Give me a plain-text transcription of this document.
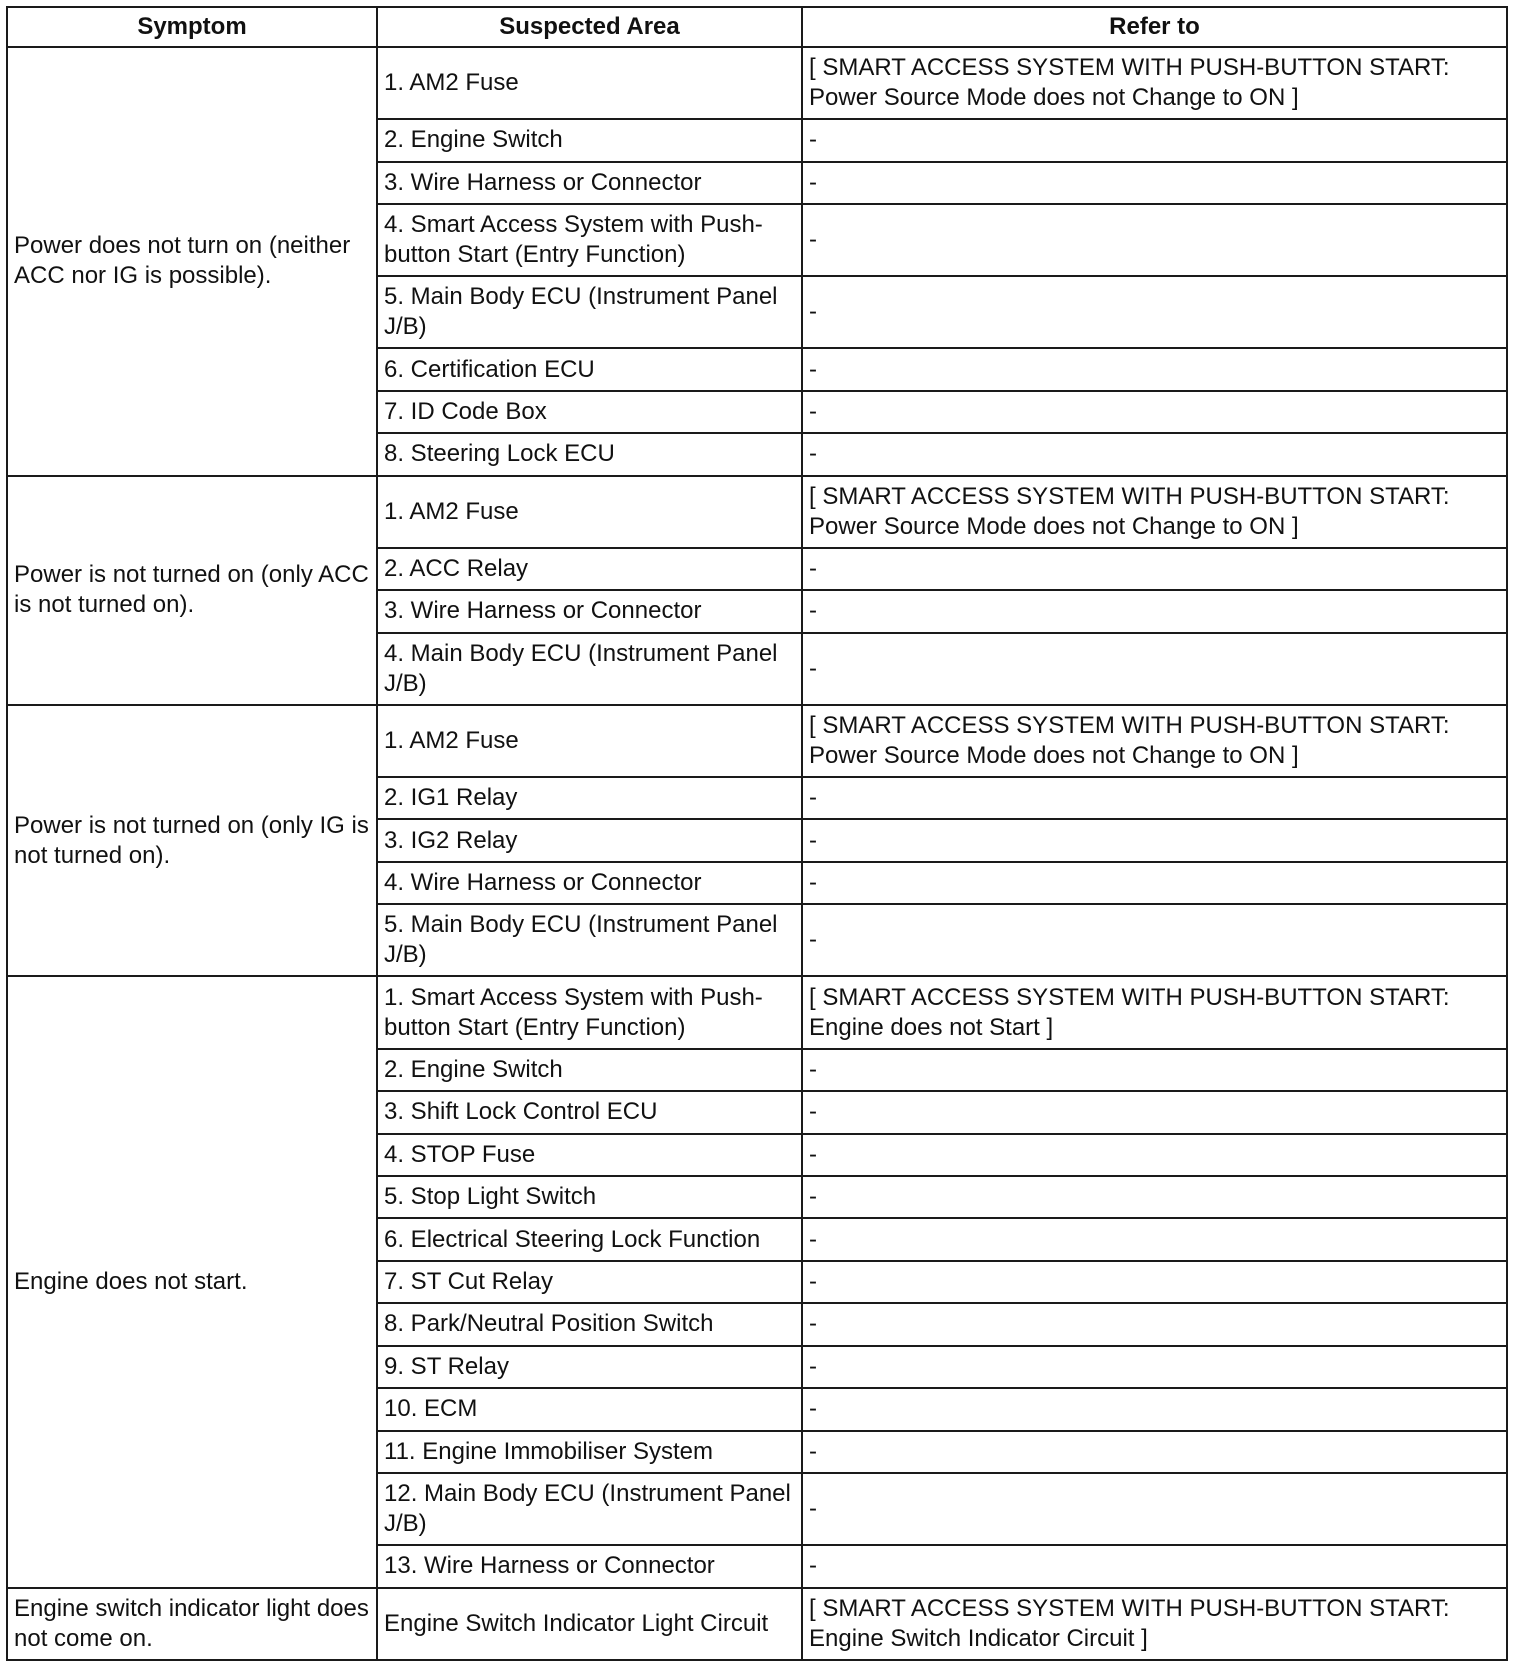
Symptom	Suspected Area	Refer to
Power does not turn on (neither ACC nor IG is possible).	1. AM2 Fuse	[ SMART ACCESS SYSTEM WITH PUSH-BUTTON START: Power Source Mode does not Change to ON ]
	2. Engine Switch	-
	3. Wire Harness or Connector	-
	4. Smart Access System with Push-button Start (Entry Function)	-
	5. Main Body ECU (Instrument Panel J/B)	-
	6. Certification ECU	-
	7. ID Code Box	-
	8. Steering Lock ECU	-
Power is not turned on (only ACC is not turned on).	1. AM2 Fuse	[ SMART ACCESS SYSTEM WITH PUSH-BUTTON START: Power Source Mode does not Change to ON ]
	2. ACC Relay	-
	3. Wire Harness or Connector	-
	4. Main Body ECU (Instrument Panel J/B)	-
Power is not turned on (only IG is not turned on).	1. AM2 Fuse	[ SMART ACCESS SYSTEM WITH PUSH-BUTTON START: Power Source Mode does not Change to ON ]
	2. IG1 Relay	-
	3. IG2 Relay	-
	4. Wire Harness or Connector	-
	5. Main Body ECU (Instrument Panel J/B)	-
Engine does not start.	1. Smart Access System with Push-button Start (Entry Function)	[ SMART ACCESS SYSTEM WITH PUSH-BUTTON START: Engine does not Start ]
	2. Engine Switch	-
	3. Shift Lock Control ECU	-
	4. STOP Fuse	-
	5. Stop Light Switch	-
	6. Electrical Steering Lock Function	-
	7. ST Cut Relay	-
	8. Park/Neutral Position Switch	-
	9. ST Relay	-
	10. ECM	-
	11. Engine Immobiliser System	-
	12. Main Body ECU (Instrument Panel J/B)	-
	13. Wire Harness or Connector	-
Engine switch indicator light does not come on.	Engine Switch Indicator Light Circuit	[ SMART ACCESS SYSTEM WITH PUSH-BUTTON START: Engine Switch Indicator Circuit ]
